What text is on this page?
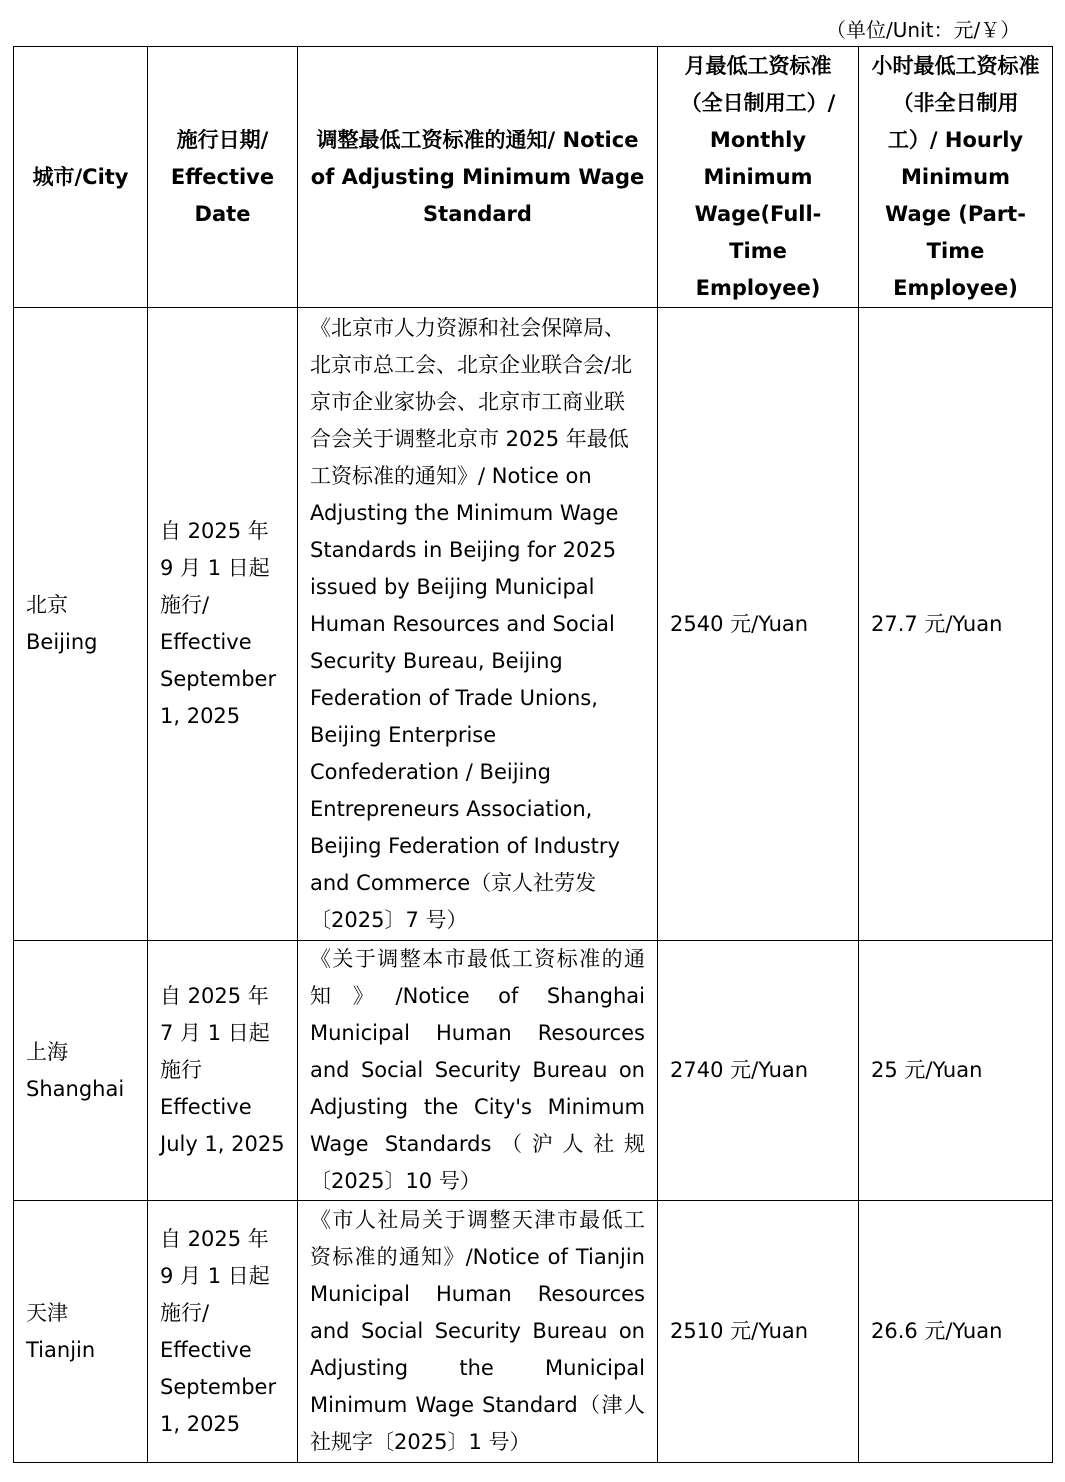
（单位/Unit：元/￥）
城市/City	施行日期/ Effective Date	调整最低工资标准的通知/ Notice of Adjusting Minimum Wage Standard	月最低工资标准（全日制用工）/ Monthly Minimum Wage(Full-Time Employee)	小时最低工资标准（非全日制用工）/ Hourly Minimum Wage (Part-Time Employee)

北京
Beijing	自 2025 年 9 月 1 日起施行/ Effective September 1, 2025	《北京市人力资源和社会保障局、北京市总工会、北京企业联合会/北京市企业家协会、北京市工商业联合会关于调整北京市 2025 年最低工资标准的通知》/ Notice on Adjusting the Minimum Wage Standards in Beijing for 2025 issued by Beijing Municipal Human Resources and Social Security Bureau, Beijing Federation of Trade Unions, Beijing Enterprise Confederation / Beijing Entrepreneurs Association, Beijing Federation of Industry and Commerce（京人社劳发〔2025〕7 号）	2540 元/Yuan	27.7 元/Yuan

上海
Shanghai	自 2025 年 7 月 1 日起施行 Effective July 1, 2025	《关于调整本市最低工资标准的通知》/Notice of Shanghai Municipal Human Resources and Social Security Bureau on Adjusting the City's Minimum Wage Standards（沪人社规〔2025〕10 号）	2740 元/Yuan	25 元/Yuan

天津
Tianjin	自 2025 年 9 月 1 日起施行/ Effective September 1, 2025	《市人社局关于调整天津市最低工资标准的通知》/Notice of Tianjin Municipal Human Resources and Social Security Bureau on Adjusting the Municipal Minimum Wage Standard（津人社规字〔2025〕1 号）	2510 元/Yuan	26.6 元/Yuan
